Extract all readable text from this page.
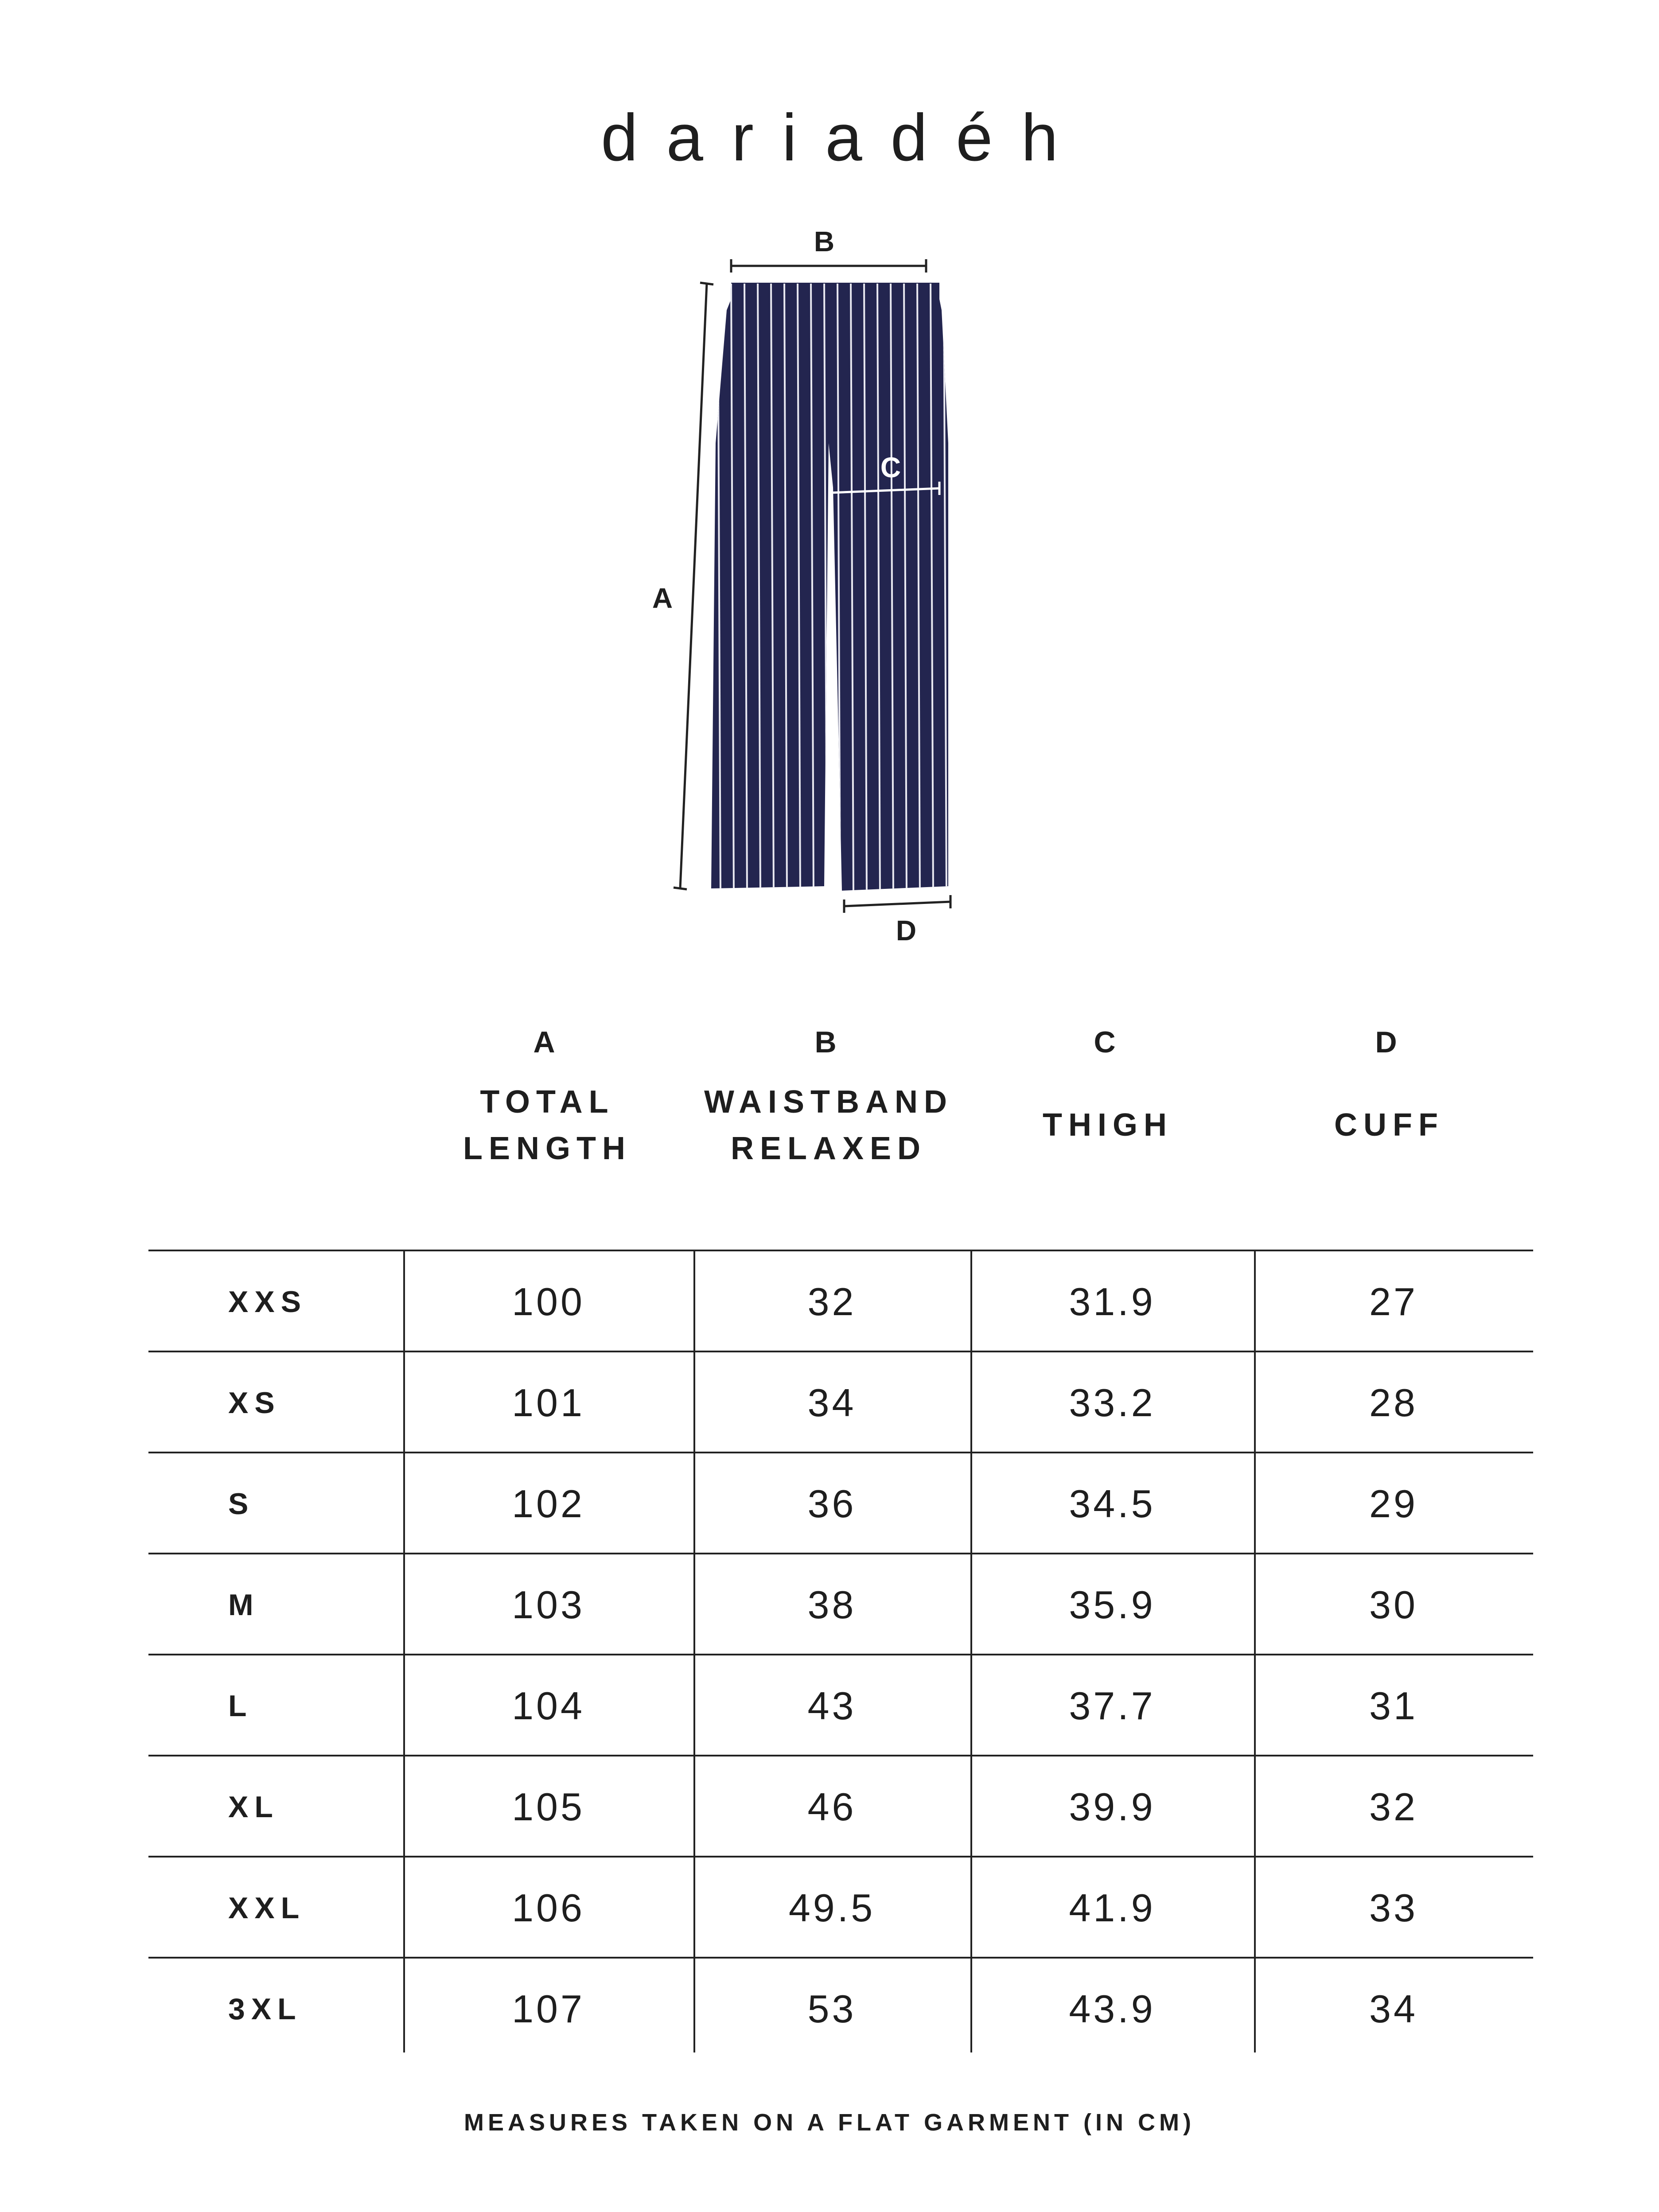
dariadéh
B
A
C
D
A
TOTAL
LENGTH
B
WAISTBAND
RELAXED
C
THIGH
D
CUFF
XXS	100	32	31.9	27
XS	101	34	33.2	28
S	102	36	34.5	29
M	103	38	35.9	30
L	104	43	37.7	31
XL	105	46	39.9	32
XXL	106	49.5	41.9	33
3XL	107	53	43.9	34
MEASURES TAKEN ON A FLAT GARMENT (IN CM)
